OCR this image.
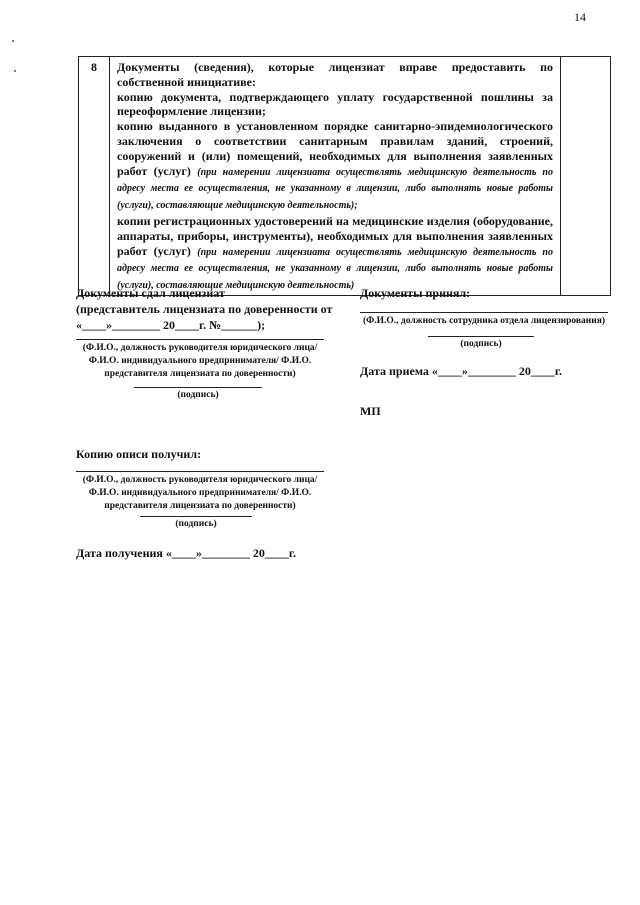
14
8	Документы (сведения), которые лицензиат вправе предоставить по собственной инициативе:

копию документа, подтверждающего уплату государственной пошлины за переоформление лицензии;

копию выданного в установленном порядке санитарно-эпидемиологического заключения о соответствии санитарным правилам зданий, строений, сооружений и (или) помещений, необходимых для выполнения заявленных работ (услуг) (при намерении лицензиата осуществлять медицинскую деятельность по адресу места ее осуществления, не указанному в лицензии, либо выполнять новые работы (услуги), составляющие медицинскую деятельность);

копии регистрационных удостоверений на медицинские изделия (оборудование, аппараты, приборы, инструменты), необходимых для выполнения заявленных работ (услуг) (при намерении лицензиата осуществлять медицинскую деятельность по адресу места ее осуществления, не указанному в лицензии, либо выполнять новые работы (услуги), составляющие медицинскую деятельность)

Документы сдал лицензиат
(представитель лицензиата по доверенности от
«____»________ 20____г. №______);
(Ф.И.О., должность руководителя юридического лица/ Ф.И.О. индивидуального предпринимателя/ Ф.И.О. представителя лицензиата по доверенности)
(подпись)
Документы принял:
(Ф.И.О., должность сотрудника отдела лицензирования)
(подпись)
Дата приема «____»________ 20____г.
МП
Копию описи получил:
(Ф.И.О., должность руководителя юридического лица/ Ф.И.О. индивидуального предпринимателя/ Ф.И.О. представителя лицензиата по доверенности)
(подпись)
Дата получения «____»________ 20____г.
